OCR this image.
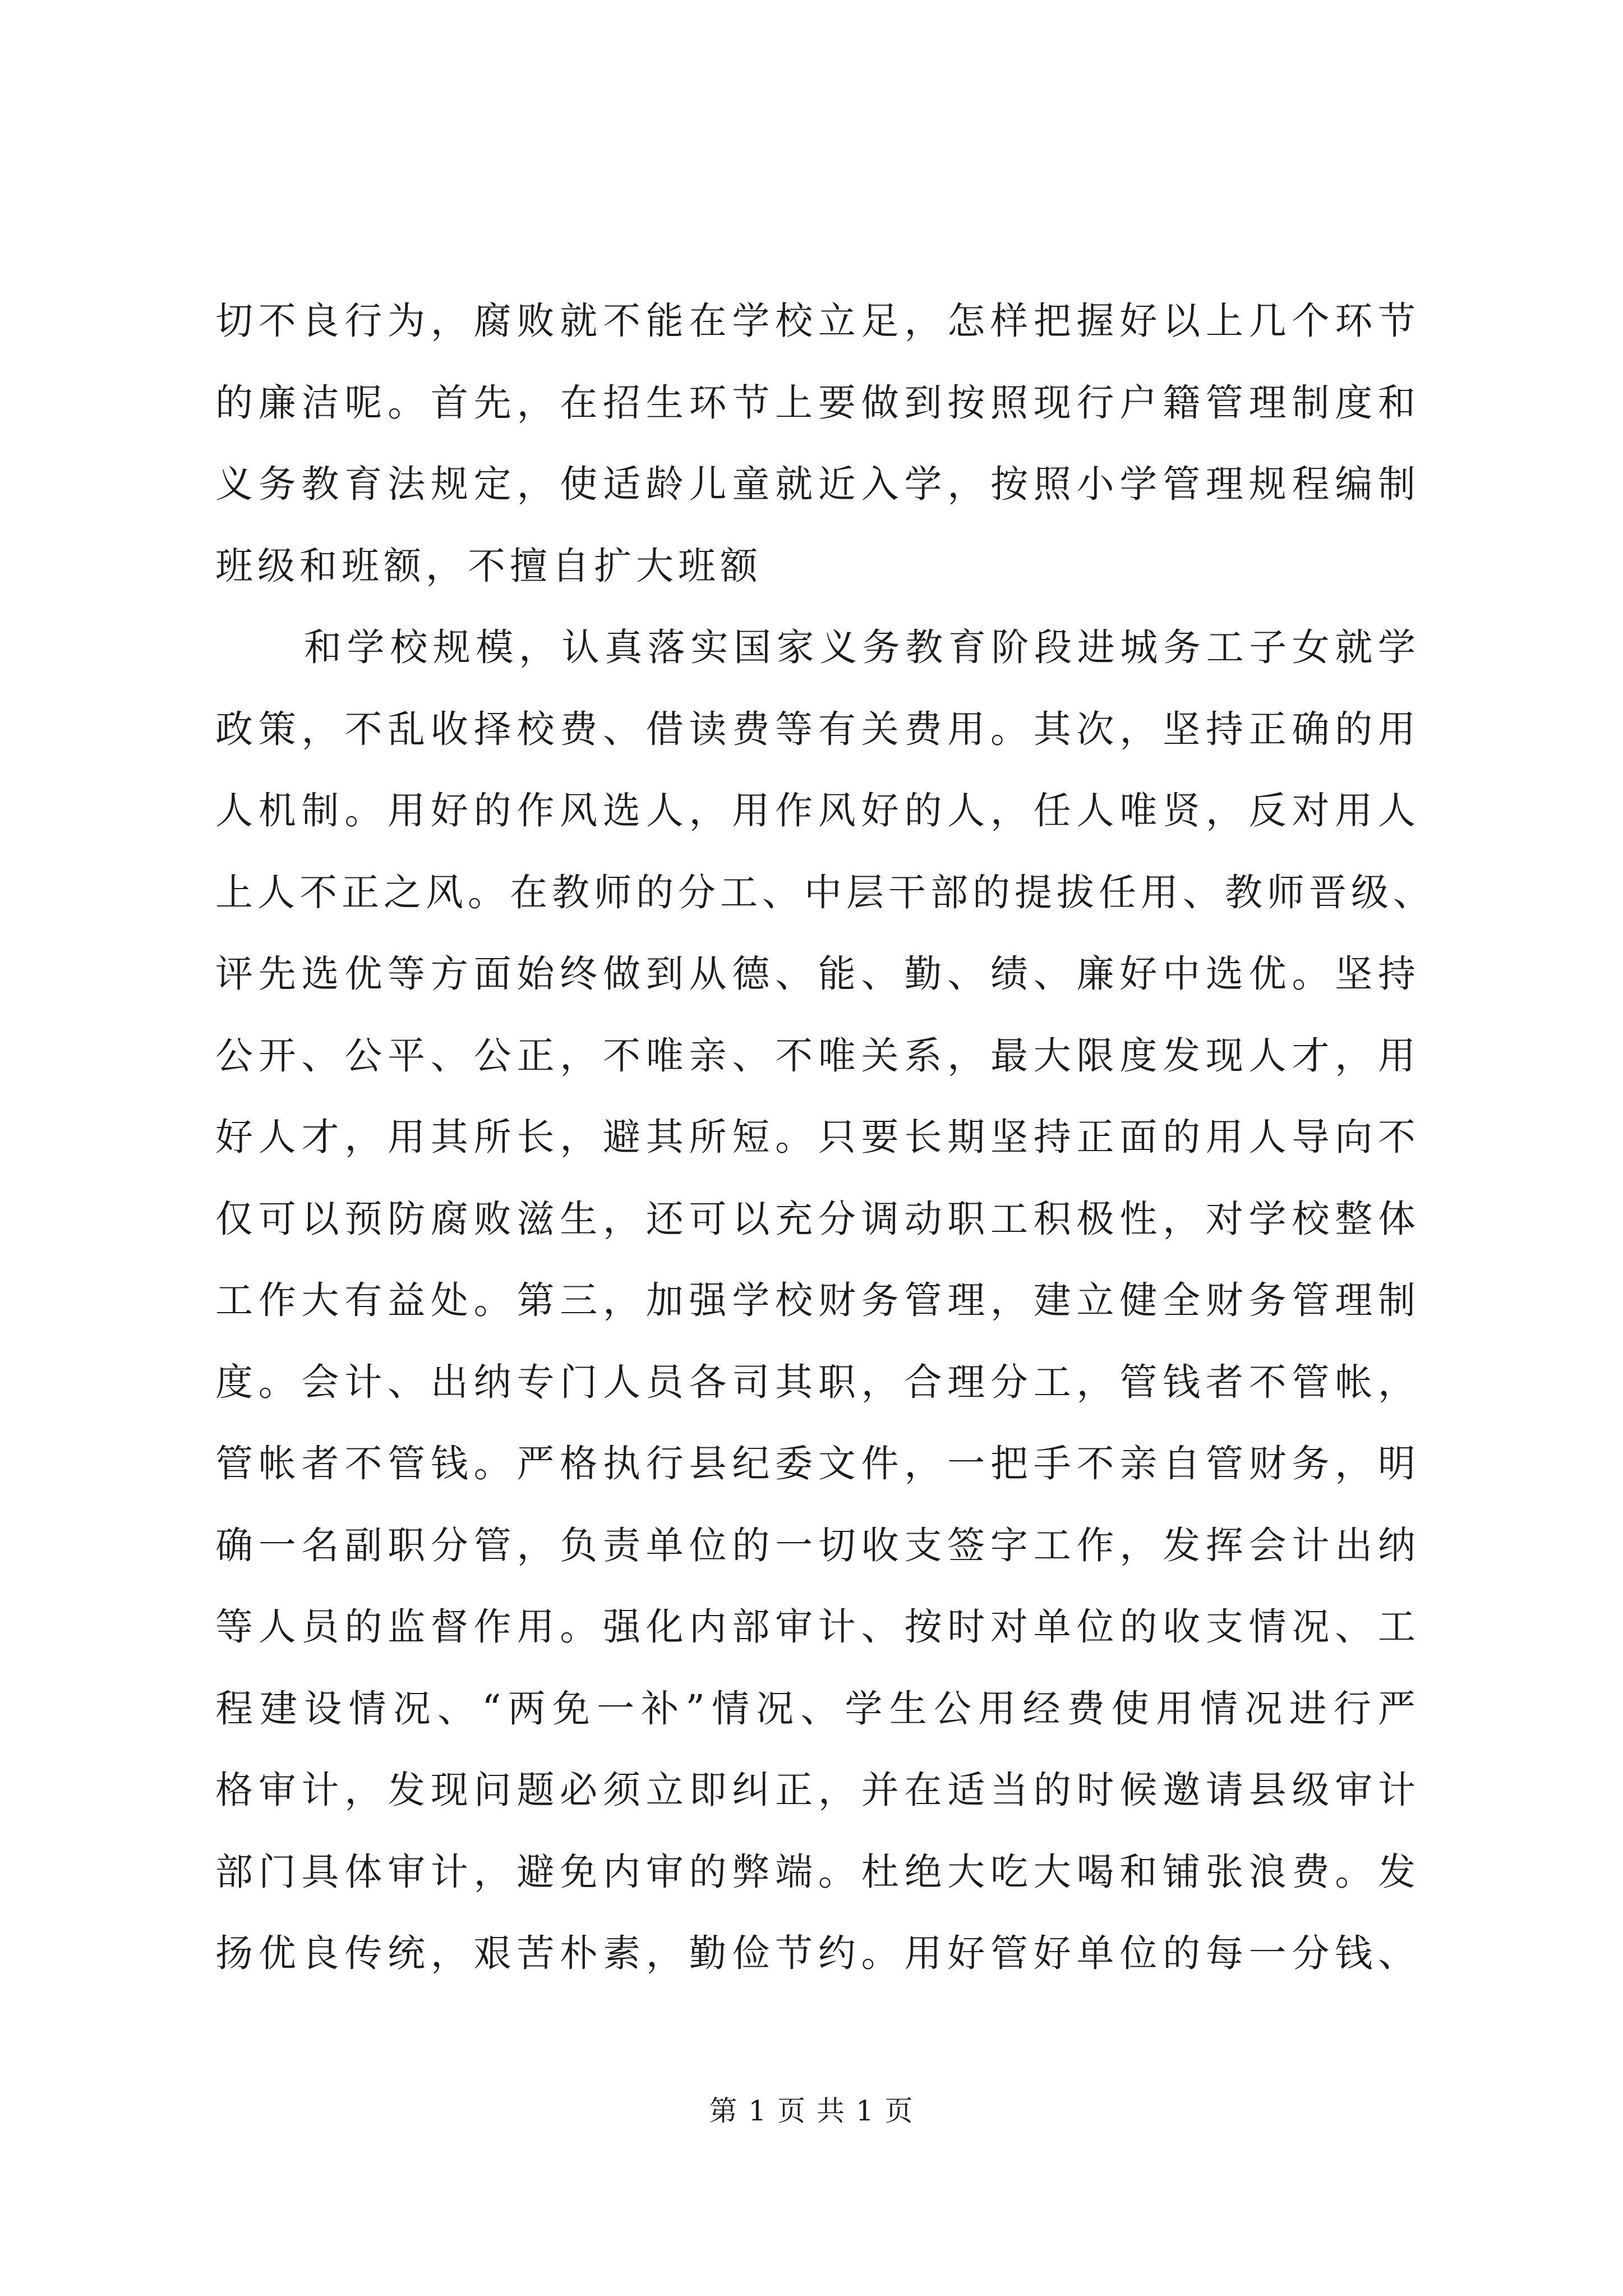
切不良行为，腐败就不能在学校立足，怎样把握好以上几个环节
的廉洁呢。首先，在招生环节上要做到按照现行户籍管理制度和
义务教育法规定，使适龄儿童就近入学，按照小学管理规程编制
班级和班额，不擅自扩大班额
和学校规模，认真落实国家义务教育阶段进城务工子女就学
政策，不乱收择校费、借读费等有关费用。其次，坚持正确的用
人机制。用好的作风选人，用作风好的人，任人唯贤，反对用人
上人不正之风。在教师的分工、中层干部的提拔任用、教师晋级、
评先选优等方面始终做到从德、能、勤、绩、廉好中选优。坚持
公开、公平、公正，不唯亲、不唯关系，最大限度发现人才，用
好人才，用其所长，避其所短。只要长期坚持正面的用人导向不
仅可以预防腐败滋生，还可以充分调动职工积极性，对学校整体
工作大有益处。第三，加强学校财务管理，建立健全财务管理制
度。会计、出纳专门人员各司其职，合理分工，管钱者不管帐，
管帐者不管钱。严格执行县纪委文件，一把手不亲自管财务，明
确一名副职分管，负责单位的一切收支签字工作，发挥会计出纳
等人员的监督作用。强化内部审计、按时对单位的收支情况、工
程建设情况、“两免一补”情况、学生公用经费使用情况进行严
格审计，发现问题必须立即纠正，并在适当的时候邀请县级审计
部门具体审计，避免内审的弊端。杜绝大吃大喝和铺张浪费。发
扬优良传统，艰苦朴素，勤俭节约。用好管好单位的每一分钱、
第 1 页 共 1 页
